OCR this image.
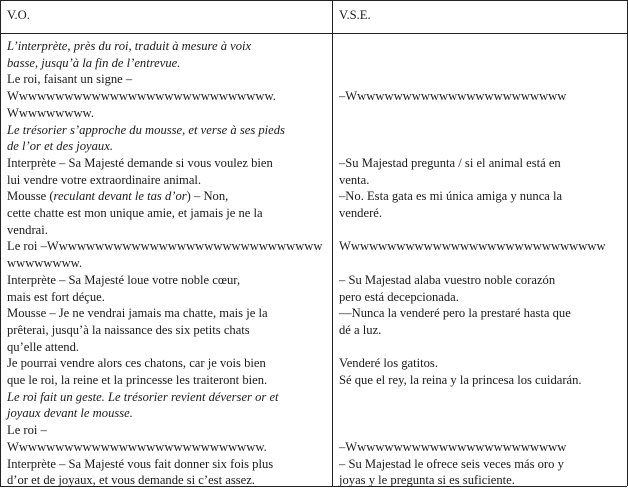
V.O.	V.S.E.
L’interprète, près du roi, traduit à mesure à voix
basse, jusqu’à la fin de l’entrevue.
Le roi, faisant un signe –
Wwwwwwwwwwwwwwwwwwwwwwwwwwwww.
Wwwwwwwww.
Le trésorier s’approche du mousse, et verse à ses pieds
de l’or et des joyaux.
Interprète – Sa Majesté demande si vous voulez bien
lui vendre votre extraordinaire animal.
Mousse (reculant devant le tas d’or) – Non,
cette chatte est mon unique amie, et jamais je ne la
vendrai.
Le roi –Wwwwwwwwwwwwwwwwwwwwwwwwwwwwww
wwwwwwww.
Interprète – Sa Majesté loue votre noble cœur,
mais est fort déçue.
Mousse – Je ne vendrai jamais ma chatte, mais je la
prêterai, jusqu’à la naissance des six petits chats
qu’elle attend.
Je pourrai vendre alors ces chatons, car je vois bien
que le roi, la reine et la princesse les traiteront bien.
Le roi fait un geste. Le trésorier revient déverser or et
joyaux devant le mousse.
Le roi –
Wwwwwwwwwwwwwwwwwwwwwwwwwwww.
Interprète – Sa Majesté vous fait donner six fois plus
d’or et de joyaux, et vous demande si c’est assez.
–Wwwwwwwwwwwwwwwwwwwwwwww
–Su Majestad pregunta / si el animal está en
venta.
–No. Esta gata es mi única amiga y nunca la
venderé.
Wwwwwwwwwwwwwwwwwwwwwwwwwwwww
– Su Majestad alaba vuestro noble corazón
pero está decepcionada.
––Nunca la venderé pero la prestaré hasta que
dé a luz.
Venderé los gatitos.
Sé que el rey, la reina y la princesa los cuidarán.
–Wwwwwwwwwwwwwwwwwwwwwwww
– Su Majestad le ofrece seis veces más oro y
joyas y le pregunta si es suficiente.
